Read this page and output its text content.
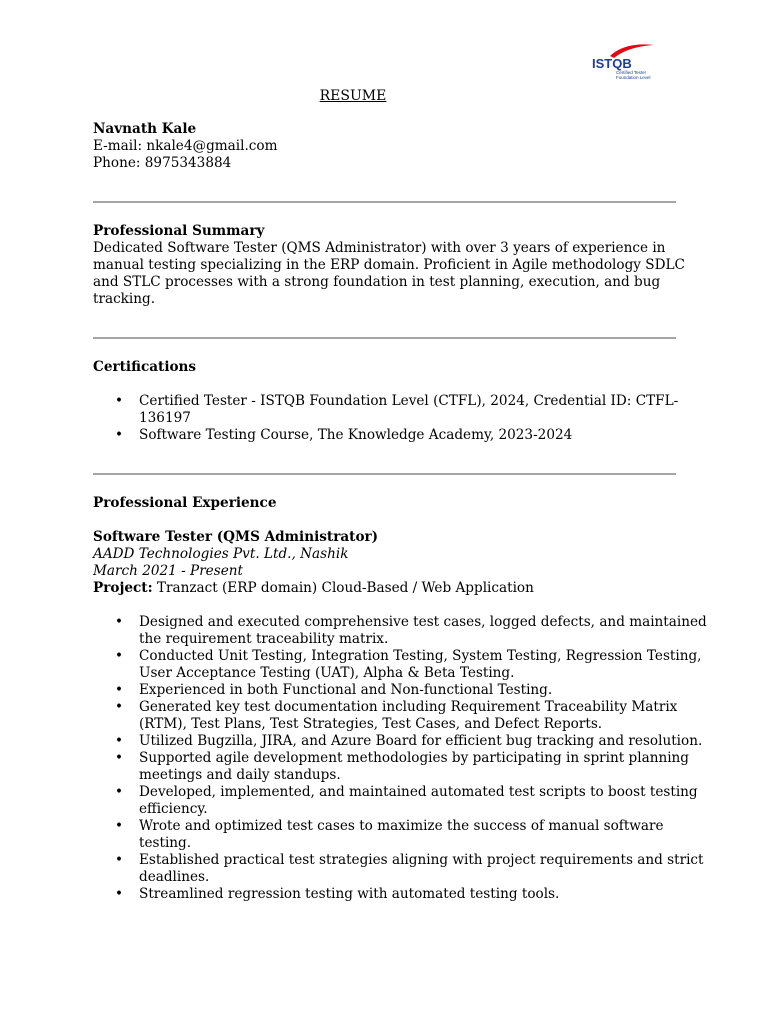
ISTQB
Certified Tester
Foundation Level
RESUME
Navnath Kale
E-mail: nkale4@gmail.com
Phone: 8975343884
Professional Summary
Dedicated Software Tester (QMS Administrator) with over 3 years of experience in
manual testing specializing in the ERP domain. Proficient in Agile methodology SDLC
and STLC processes with a strong foundation in test planning, execution, and bug
tracking.
Certifications
• Certified Tester - ISTQB Foundation Level (CTFL), 2024, Credential ID: CTFL-
136197
• Software Testing Course, The Knowledge Academy, 2023-2024
Professional Experience
Software Tester (QMS Administrator)
AADD Technologies Pvt. Ltd., Nashik
March 2021 - Present
Project: Tranzact (ERP domain) Cloud-Based / Web Application
• Designed and executed comprehensive test cases, logged defects, and maintained
the requirement traceability matrix.
• Conducted Unit Testing, Integration Testing, System Testing, Regression Testing,
User Acceptance Testing (UAT), Alpha & Beta Testing.
• Experienced in both Functional and Non-functional Testing.
• Generated key test documentation including Requirement Traceability Matrix
(RTM), Test Plans, Test Strategies, Test Cases, and Defect Reports.
• Utilized Bugzilla, JIRA, and Azure Board for efficient bug tracking and resolution.
• Supported agile development methodologies by participating in sprint planning
meetings and daily standups.
• Developed, implemented, and maintained automated test scripts to boost testing
efficiency.
• Wrote and optimized test cases to maximize the success of manual software
testing.
• Established practical test strategies aligning with project requirements and strict
deadlines.
• Streamlined regression testing with automated testing tools.
